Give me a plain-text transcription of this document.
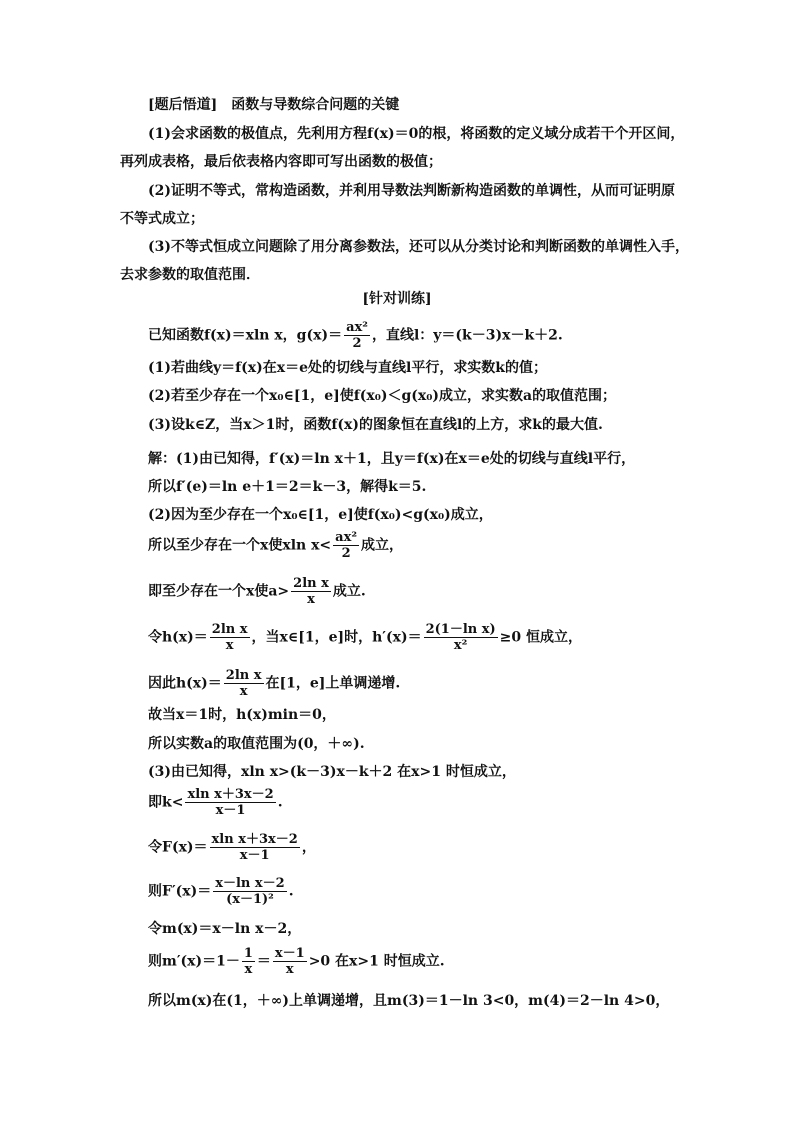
[题后悟道]　函数与导数综合问题的关键
(1)会求函数的极值点，先利用方程f(x)＝0的根，将函数的定义域分成若干个开区间，
再列成表格，最后依表格内容即可写出函数的极值；
(2)证明不等式，常构造函数，并利用导数法判断新构造函数的单调性，从而可证明原
不等式成立；
(3)不等式恒成立问题除了用分离参数法，还可以从分类讨论和判断函数的单调性入手，
去求参数的取值范围．
[针对训练]
已知函数f(x)＝xln x，$g(x)= \frac{\text{ax²}}{2}$ ，直线l：y＝(k－3)x－k＋2.
(1)若曲线y＝f(x)在x＝e处的切线与直线l平行，求实数k的值；
(2)若至少存在一个x₀∈[1，e]使f(x₀)＜g(x₀)成立，求实数a的取值范围；
(3)设k∈Z，当x＞1时，函数f(x)的图象恒在直线l的上方，求k的最大值.
解：(1)由已知得，f′(x)＝ln x＋1，且y＝f(x)在x＝e处的切线与直线l平行，
所以f′(e)＝ln e＋1＝2＝k－3，解得k＝5.
(2)因为至少存在一个x₀∈[1，e]使f(x₀)<g(x₀)成立，
所以至少存在一个x使xln $x< \frac{\text{ax²}}{2}$ 成立，
即至少存在一个x使$a> \frac{\text{2ln x}}{x}$ 成立.
令$h(x)= \frac{\text{2ln x}}{x}$ ，当x∈[1，e]时，$h'(x)= \frac{\text{2(1－ln x)}}{\text{x²}} \ge 0$ 恒成立，
因此$h(x)= \frac{\text{2ln x}}{x}$ 在[1，e]上单调递增.
故当x＝1时，h(x)min＝0，
所以实数a的取值范围为(0，＋∞).
(3)由已知得，xln x>(k－3)x－k＋2 在x>1 时恒成立，
即$k< \frac{\text{xln x＋3x－2}}{x-1}$ .
令$F(x)= \frac{\text{xln x＋3x－2}}{x-1}$ ，
则$F'(x)= \frac{\text{x－ln x－2}}{\text{(x－1)²}}$ .
令m(x)＝x－ln x－2，
则$m'(x)=1- \frac{1}{x} = \frac{x-1}{x} >0$ 在x>1 时恒成立.
所以m(x)在(1，＋∞)上单调递增，且m(3)＝1－ln 3<0，m(4)＝2－ln 4>0，
